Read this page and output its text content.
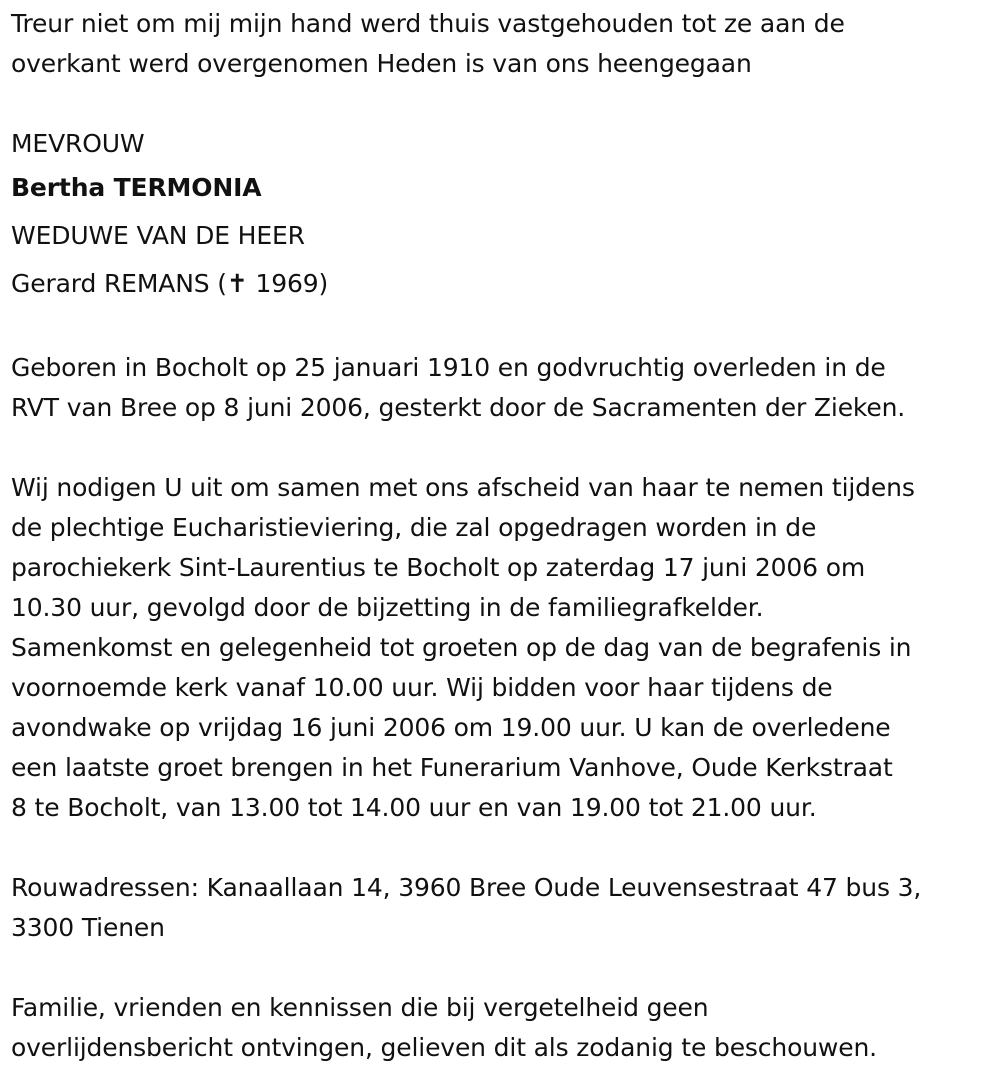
Treur niet om mij mijn hand werd thuis vastgehouden tot ze aan de
overkant werd overgenomen Heden is van ons heengegaan
MEVROUW
Bertha TERMONIA
WEDUWE VAN DE HEER
Gerard REMANS (✝ 1969)
Geboren in Bocholt op 25 januari 1910 en godvruchtig overleden in de
RVT van Bree op 8 juni 2006, gesterkt door de Sacramenten der Zieken.
Wij nodigen U uit om samen met ons afscheid van haar te nemen tijdens
de plechtige Eucharistieviering, die zal opgedragen worden in de
parochiekerk Sint-Laurentius te Bocholt op zaterdag 17 juni 2006 om
10.30 uur, gevolgd door de bijzetting in de familiegrafkelder.
Samenkomst en gelegenheid tot groeten op de dag van de begrafenis in
voornoemde kerk vanaf 10.00 uur. Wij bidden voor haar tijdens de
avondwake op vrijdag 16 juni 2006 om 19.00 uur. U kan de overledene
een laatste groet brengen in het Funerarium Vanhove, Oude Kerkstraat
8 te Bocholt, van 13.00 tot 14.00 uur en van 19.00 tot 21.00 uur.
Rouwadressen: Kanaallaan 14, 3960 Bree Oude Leuvensestraat 47 bus 3,
3300 Tienen
Familie, vrienden en kennissen die bij vergetelheid geen
overlijdensbericht ontvingen, gelieven dit als zodanig te beschouwen.
